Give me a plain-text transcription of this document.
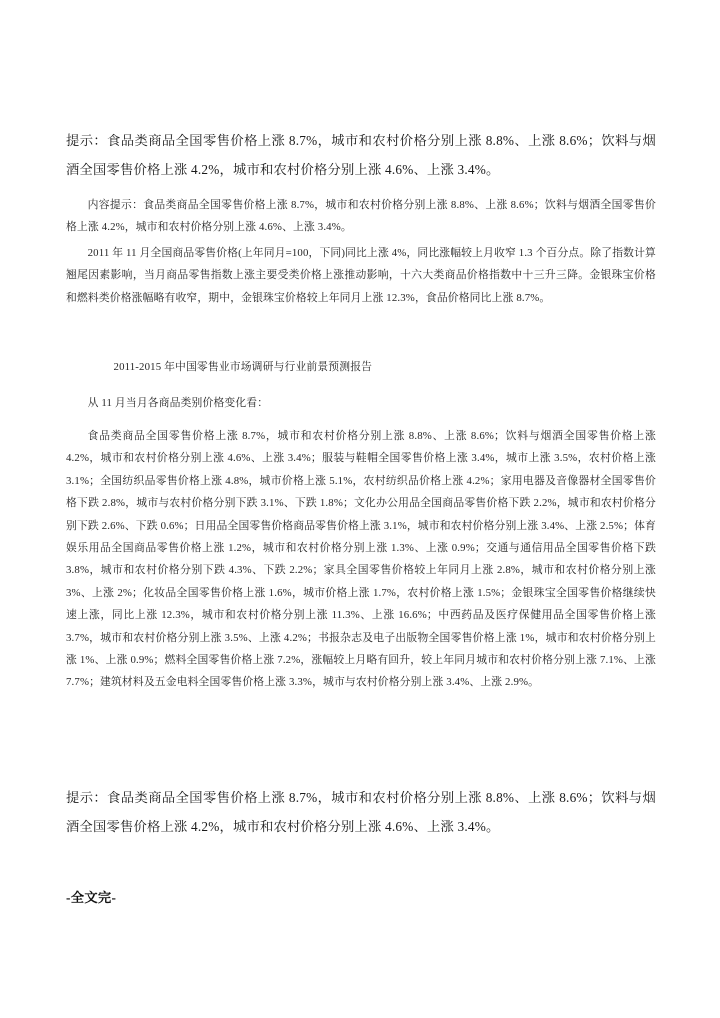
提示：食品类商品全国零售价格上涨 8.7%，城市和农村价格分别上涨 8.8%、上涨 8.6%；饮料与烟酒全国零售价格上涨 4.2%，城市和农村价格分别上涨 4.6%、上涨 3.4%。

内容提示：食品类商品全国零售价格上涨 8.7%，城市和农村价格分别上涨 8.8%、上涨 8.6%；饮料与烟酒全国零售价格上涨 4.2%，城市和农村价格分别上涨 4.6%、上涨 3.4%。

2011 年 11 月全国商品零售价格(上年同月=100，下同)同比上涨 4%，同比涨幅较上月收窄 1.3 个百分点。除了指数计算翘尾因素影响，当月商品零售指数上涨主要受类价格上涨推动影响，十六大类商品价格指数中十三升三降。金银珠宝价格和燃料类价格涨幅略有收窄，期中，金银珠宝价格较上年同月上涨 12.3%，食品价格同比上涨 8.7%。

2011-2015 年中国零售业市场调研与行业前景预测报告

从 11 月当月各商品类别价格变化看：

食品类商品全国零售价格上涨 8.7%，城市和农村价格分别上涨 8.8%、上涨 8.6%；饮料与烟酒全国零售价格上涨 4.2%，城市和农村价格分别上涨 4.6%、上涨 3.4%；服装与鞋帽全国零售价格上涨 3.4%，城市上涨 3.5%，农村价格上涨 3.1%；全国纺织品零售价格上涨 4.8%，城市价格上涨 5.1%，农村纺织品价格上涨 4.2%；家用电器及音像器材全国零售价格下跌 2.8%，城市与农村价格分别下跌 3.1%、下跌 1.8%；文化办公用品全国商品零售价格下跌 2.2%，城市和农村价格分别下跌 2.6%、下跌 0.6%；日用品全国零售价格商品零售价格上涨 3.1%，城市和农村价格分别上涨 3.4%、上涨 2.5%；体育娱乐用品全国商品零售价格上涨 1.2%，城市和农村价格分别上涨 1.3%、上涨 0.9%；交通与通信用品全国零售价格下跌 3.8%，城市和农村价格分别下跌 4.3%、下跌 2.2%；家具全国零售价格较上年同月上涨 2.8%，城市和农村价格分别上涨 3%、上涨 2%；化妆品全国零售价格上涨 1.6%，城市价格上涨 1.7%，农村价格上涨 1.5%；金银珠宝全国零售价格继续快速上涨，同比上涨 12.3%，城市和农村价格分别上涨 11.3%、上涨 16.6%；中西药品及医疗保健用品全国零售价格上涨 3.7%，城市和农村价格分别上涨 3.5%、上涨 4.2%；书报杂志及电子出版物全国零售价格上涨 1%，城市和农村价格分别上涨 1%、上涨 0.9%；燃料全国零售价格上涨 7.2%，涨幅较上月略有回升，较上年同月城市和农村价格分别上涨 7.1%、上涨 7.7%；建筑材料及五金电料全国零售价格上涨 3.3%，城市与农村价格分别上涨 3.4%、上涨 2.9%。

提示：食品类商品全国零售价格上涨 8.7%，城市和农村价格分别上涨 8.8%、上涨 8.6%；饮料与烟酒全国零售价格上涨 4.2%，城市和农村价格分别上涨 4.6%、上涨 3.4%。

-全文完-
